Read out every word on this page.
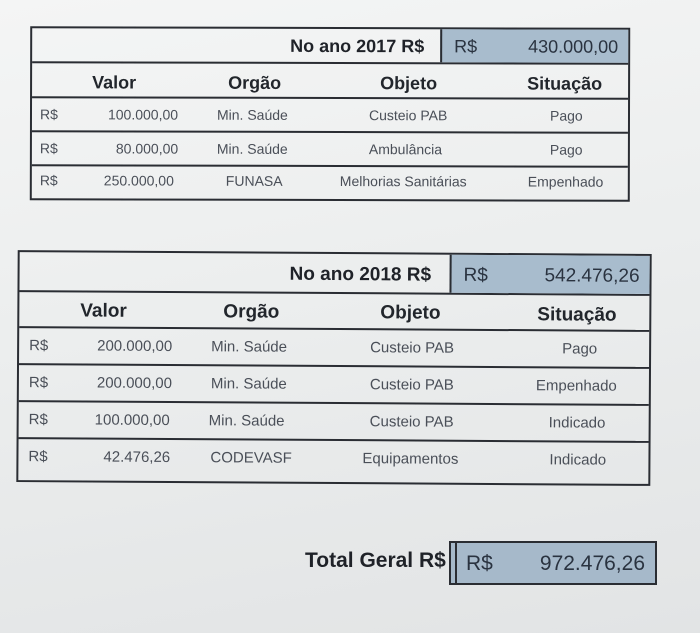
No ano 2017 R$ R$	430.000,00
Valor	Orgão	Objeto	Situação
R$	100.000,00	Min. Saúde	Custeio PAB	Pago
R$	80.000,00	Min. Saúde	Ambulância	Pago
R$	250.000,00	FUNASA	Melhorias Sanitárias	Empenhado
No ano 2018 R$ R$	542.476,26
Valor	Orgão	Objeto	Situação
R$	200.000,00	Min. Saúde	Custeio PAB	Pago
R$	200.000,00	Min. Saúde	Custeio PAB	Empenhado
R$	100.000,00	Min. Saúde	Custeio PAB	Indicado
R$	42.476,26	CODEVASF	Equipamentos	Indicado
Total Geral R$ R$ 972.476,26
